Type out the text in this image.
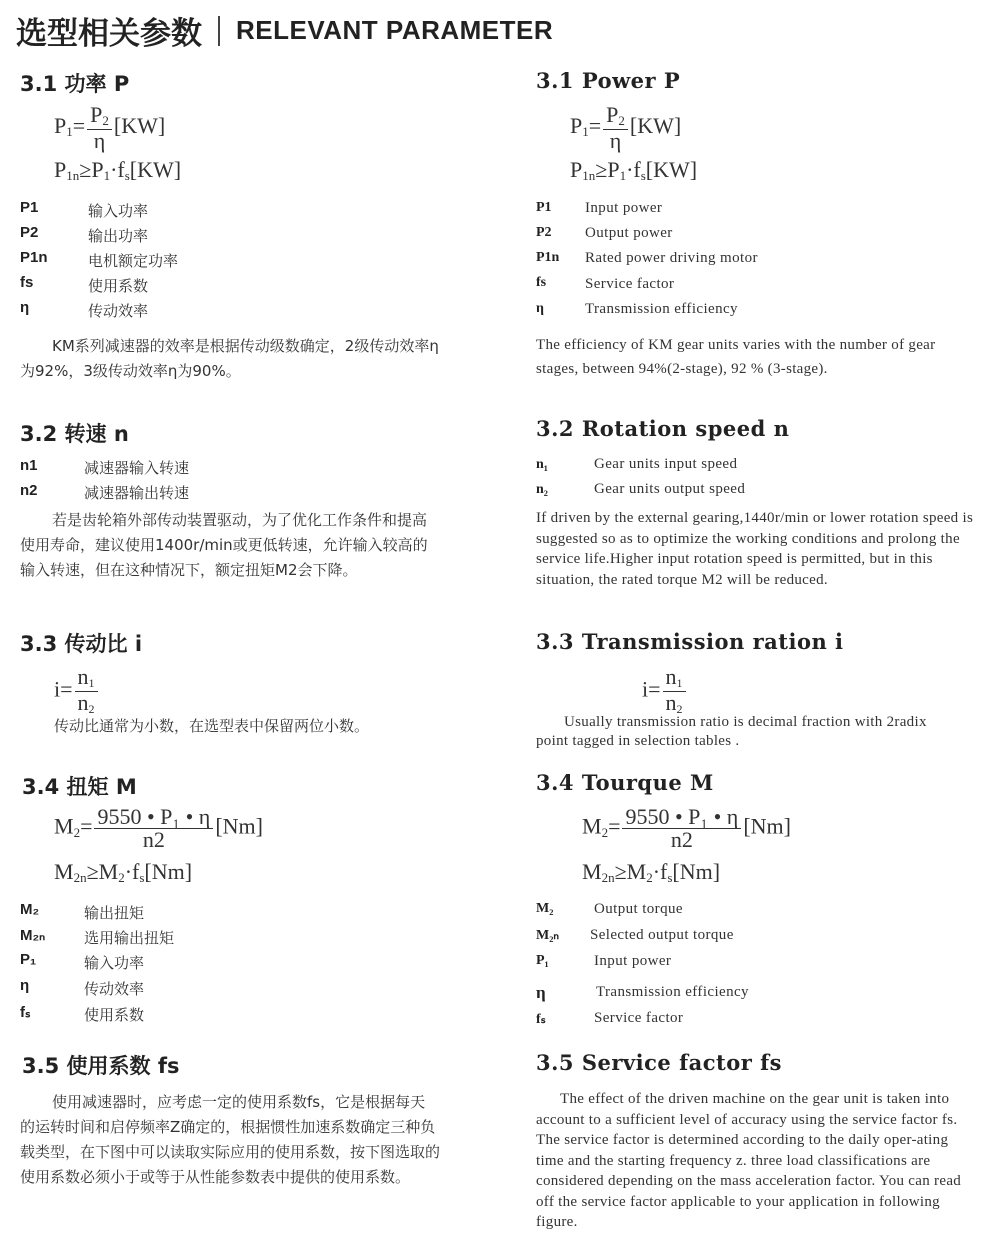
选型相关参数 RELEVANT PARAMETER
3.1 功率 P
$P1= \frac{P2}{\eta} [KW]$
P1n≥P1·fs[KW]
P1	输入功率
P2	输出功率
P1n	电机额定功率
fs	使用系数
η	传动效率
KM系列减速器的效率是根据传动级数确定，2级传动效率η为92%，3级传动效率η为90%。
3.2 转速 n
n1	减速器输入转速
n2	减速器输出转速
若是齿轮箱外部传动装置驱动，为了优化工作条件和提高使用寿命，建议使用1400r/min或更低转速，允许输入较高的输入转速，但在这种情况下，额定扭矩M2会下降。
3.3 传动比 i
$i= \frac{n1}{n2}$
传动比通常为小数，在选型表中保留两位小数。
3.4 扭矩 M
$M2= \frac{\text{9550 • P₁ • η}}{n2} [Nm]$
M2n≥M2·fs[Nm]
M₂	输出扭矩
M₂ₙ	选用输出扭矩
P₁	输入功率
η	传动效率
fₛ	使用系数
3.5 使用系数 fs
使用减速器时，应考虑一定的使用系数fs，它是根据每天的运转时间和启停频率Z确定的，根据惯性加速系数确定三种负载类型，在下图中可以读取实际应用的使用系数，按下图选取的使用系数必须小于或等于从性能参数表中提供的使用系数。
3.1 Power P
$P1= \frac{P2}{\eta} [KW]$
P1n≥P1·fs[KW]
P1 Input power
P2 Output power
P1n Rated power driving motor
fs	Service factor
η	Transmission efficiency
The efficiency of KM gear units varies with the number of gear stages, between 94%(2-stage), 92 % (3-stage).
3.2 Rotation speed n
n₁	Gear units input speed
n₂	Gear units output speed
If driven by the external gearing,1440r/min or lower rotation speed is suggested so as to optimize the working conditions and prolong the service life.Higher input rotation speed is permitted, but in this situation, the rated torque M2 will be reduced.
3.3 Transmission ration i
$i= \frac{n1}{n2}$
Usually transmission ratio is decimal fraction with 2radix point tagged in selection tables .
3.4 Tourque M
$M2= \frac{\text{9550 • P₁ • η}}{n2} [Nm]$
M2n≥M2·fs[Nm]
M₂	Output torque
M₂ₙ Selected output torque
P₁	Input power
η	Transmission efficiency
fₛ	Service factor
3.5 Service factor fs
The effect of the driven machine on the gear unit is taken into account to a sufficient level of accuracy using the service factor fs. The service factor is determined according to the daily oper-ating time and the starting frequency z. three load classifications are considered depending on the mass acceleration factor. You can read off the service factor applicable to your application in following figure.
